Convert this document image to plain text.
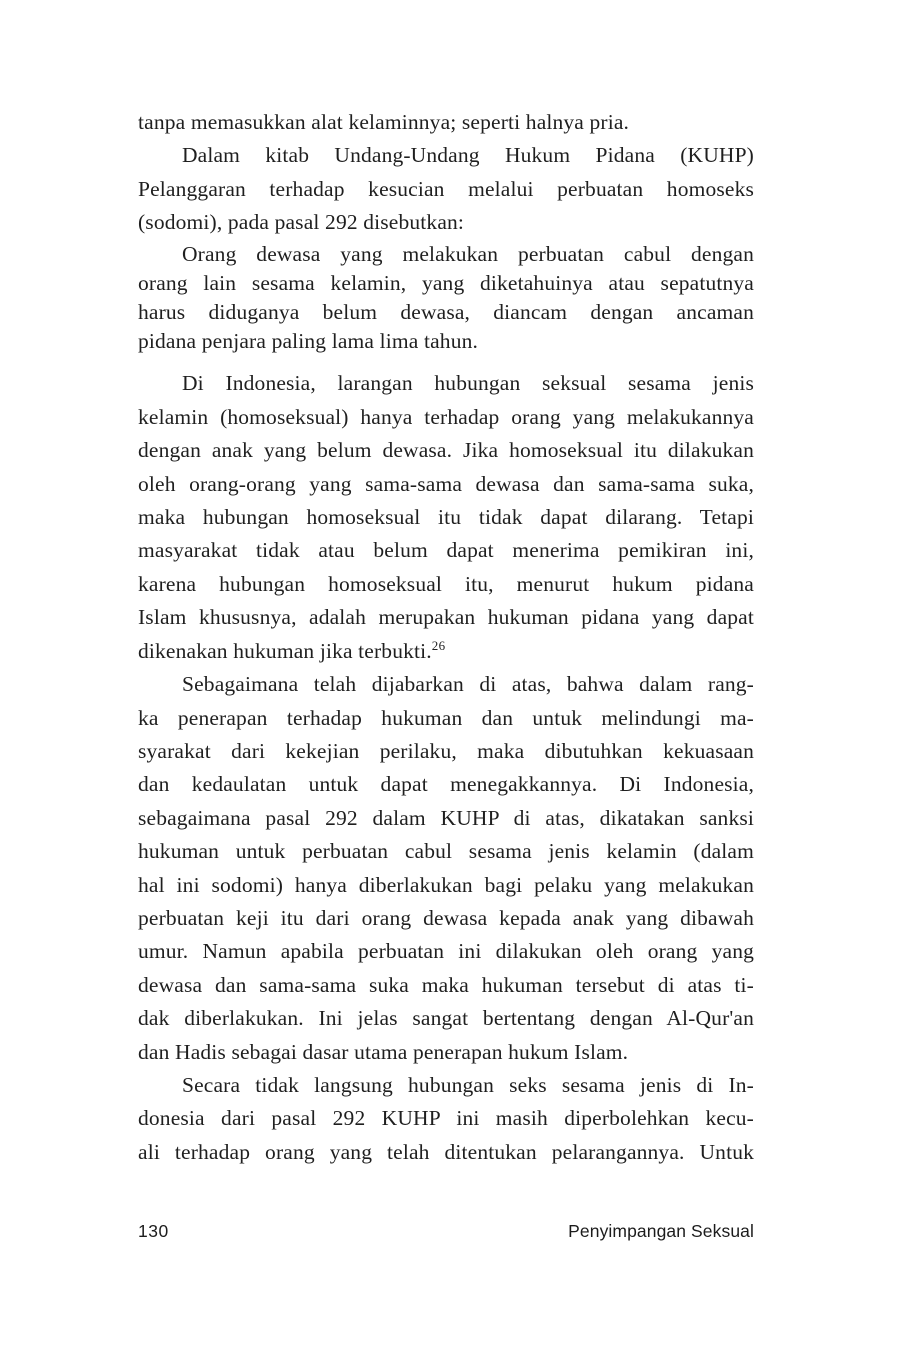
tanpa memasukkan alat kelaminnya; seperti halnya pria.
Dalam kitab Undang-Undang Hukum Pidana (KUHP)
Pelanggaran terhadap kesucian melalui perbuatan homoseks
(sodomi), pada pasal 292 disebutkan:
Orang dewasa yang melakukan perbuatan cabul dengan
orang lain sesama kelamin, yang diketahuinya atau sepatutnya
harus diduganya belum dewasa, diancam dengan ancaman
pidana penjara paling lama lima tahun.
Di Indonesia, larangan hubungan seksual sesama jenis
kelamin (homoseksual) hanya terhadap orang yang melakukannya
dengan anak yang belum dewasa. Jika homoseksual itu dilakukan
oleh orang-orang yang sama-sama dewasa dan sama-sama suka,
maka hubungan homoseksual itu tidak dapat dilarang. Tetapi
masyarakat tidak atau belum dapat menerima pemikiran ini,
karena hubungan homoseksual itu, menurut hukum pidana
Islam khususnya, adalah merupakan hukuman pidana yang dapat
dikenakan hukuman jika terbukti.$^{26}$
Sebagaimana telah dijabarkan di atas, bahwa dalam rang-
ka penerapan terhadap hukuman dan untuk melindungi ma-
syarakat dari kekejian perilaku, maka dibutuhkan kekuasaan
dan kedaulatan untuk dapat menegakkannya. Di Indonesia,
sebagaimana pasal 292 dalam KUHP di atas, dikatakan sanksi
hukuman untuk perbuatan cabul sesama jenis kelamin (dalam
hal ini sodomi) hanya diberlakukan bagi pelaku yang melakukan
perbuatan keji itu dari orang dewasa kepada anak yang dibawah
umur. Namun apabila perbuatan ini dilakukan oleh orang yang
dewasa dan sama-sama suka maka hukuman tersebut di atas ti-
dak diberlakukan. Ini jelas sangat bertentang dengan Al-Qur'an
dan Hadis sebagai dasar utama penerapan hukum Islam.
Secara tidak langsung hubungan seks sesama jenis di In-
donesia dari pasal 292 KUHP ini masih diperbolehkan kecu-
ali terhadap orang yang telah ditentukan pelarangannya. Untuk
130	Penyimpangan Seksual
